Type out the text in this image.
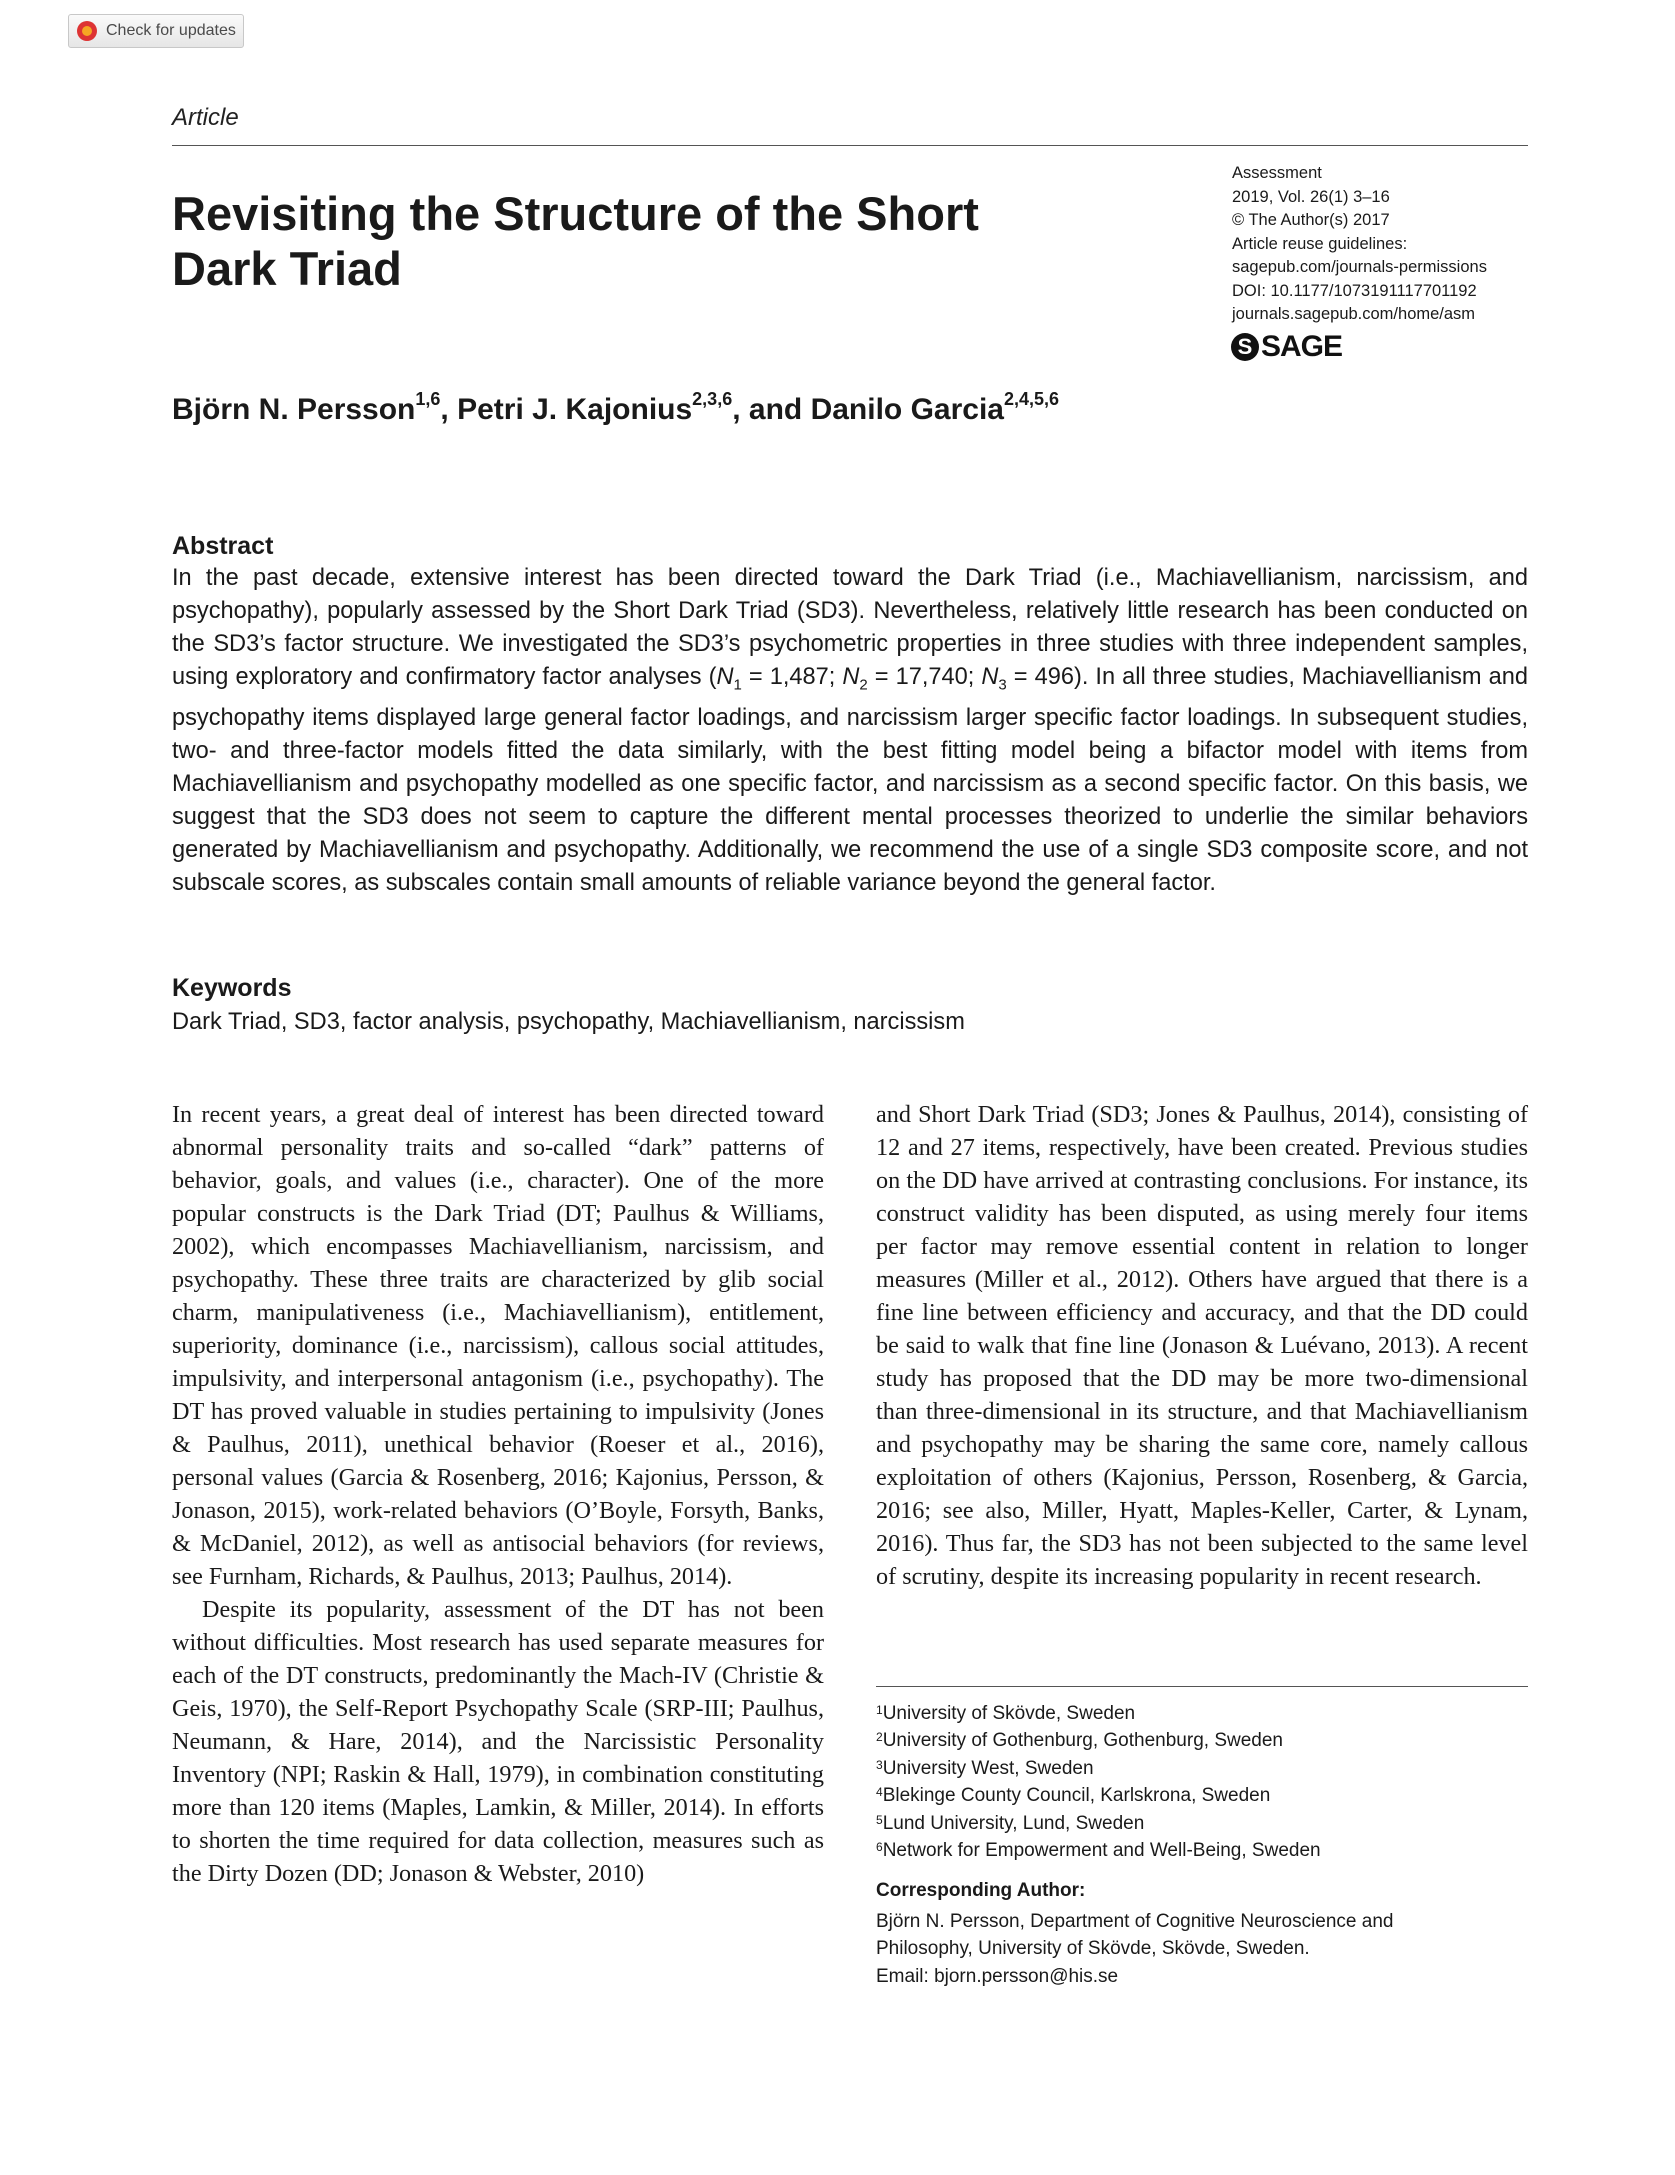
Check for updates
Article
Revisiting the Structure of the Short
Dark Triad
Assessment
2019, Vol. 26(1) 3–16
© The Author(s) 2017
Article reuse guidelines:
sagepub.com/journals-permissions
DOI: 10.1177/1073191117701192
journals.sagepub.com/home/asm
S SAGE
Björn N. Persson$^{1,6}$, Petri J. Kajonius$^{2,3,6}$, and Danilo Garcia$^{2,4,5,6}$
Abstract

In the past decade, extensive interest has been directed toward the Dark Triad (i.e., Machiavellianism, narcissism, and psychopathy), popularly assessed by the Short Dark Triad (SD3). Nevertheless, relatively little research has been conducted on the SD3’s factor structure. We investigated the SD3’s psychometric properties in three studies with three independent samples, using exploratory and confirmatory factor analyses ($N_1 = 1,487$; $N_2 = 17,740$; $N_3 = 496$). In all three studies, Machiavellianism and psychopathy items displayed large general factor loadings, and narcissism larger specific factor loadings. In subsequent studies, two- and three-factor models fitted the data similarly, with the best fitting model being a bifactor model with items from Machiavellianism and psychopathy modelled as one specific factor, and narcissism as a second specific factor. On this basis, we suggest that the SD3 does not seem to capture the different mental processes theorized to underlie the similar behaviors generated by Machiavellianism and psychopathy. Additionally, we recommend the use of a single SD3 composite score, and not subscale scores, as subscales contain small amounts of reliable variance beyond the general factor.

Keywords
Dark Triad, SD3, factor analysis, psychopathy, Machiavellianism, narcissism

In recent years, a great deal of interest has been directed toward abnormal personality traits and so-called “dark” patterns of behavior, goals, and values (i.e., character). One of the more popular constructs is the Dark Triad (DT; Paulhus & Williams, 2002), which encompasses Machiavellianism, narcissism, and psychopathy. These three traits are characterized by glib social charm, manipulativeness (i.e., Machiavellianism), entitlement, superiority, dominance (i.e., narcissism), callous social attitudes, impulsivity, and interpersonal antagonism (i.e., psychopathy). The DT has proved valuable in studies pertaining to impulsivity (Jones & Paulhus, 2011), unethical behavior (Roeser et al., 2016), personal values (Garcia & Rosenberg, 2016; Kajonius, Persson, & Jonason, 2015), work-related behaviors (O’Boyle, Forsyth, Banks, & McDaniel, 2012), as well as antisocial behaviors (for reviews, see Furnham, Richards, & Paulhus, 2013; Paulhus, 2014).

Despite its popularity, assessment of the DT has not been without difficulties. Most research has used separate measures for each of the DT constructs, predominantly the Mach-IV (Christie & Geis, 1970), the Self-Report Psychopathy Scale (SRP-III; Paulhus, Neumann, & Hare, 2014), and the Narcissistic Personality Inventory (NPI; Raskin & Hall, 1979), in combination constituting more than 120 items (Maples, Lamkin, & Miller, 2014). In efforts to shorten the time required for data collection, measures such as the Dirty Dozen (DD; Jonason & Webster, 2010)

and Short Dark Triad (SD3; Jones & Paulhus, 2014), consisting of 12 and 27 items, respectively, have been created. Previous studies on the DD have arrived at contrasting conclusions. For instance, its construct validity has been disputed, as using merely four items per factor may remove essential content in relation to longer measures (Miller et al., 2012). Others have argued that there is a fine line between efficiency and accuracy, and that the DD could be said to walk that fine line (Jonason & Luévano, 2013). A recent study has proposed that the DD may be more two-dimensional than three-dimensional in its structure, and that Machiavellianism and psychopathy may be sharing the same core, namely callous exploitation of others (Kajonius, Persson, Rosenberg, & Garcia, 2016; see also, Miller, Hyatt, Maples-Keller, Carter, & Lynam, 2016). Thus far, the SD3 has not been subjected to the same level of scrutiny, despite its increasing popularity in recent research.

$^1$University of Skövde, Sweden
$^2$University of Gothenburg, Gothenburg, Sweden
$^3$University West, Sweden
$^4$Blekinge County Council, Karlskrona, Sweden
$^5$Lund University, Lund, Sweden
$^6$Network for Empowerment and Well-Being, Sweden
Corresponding Author:
Björn N. Persson, Department of Cognitive Neuroscience and
Philosophy, University of Skövde, Skövde, Sweden.
Email: bjorn.persson@his.se
